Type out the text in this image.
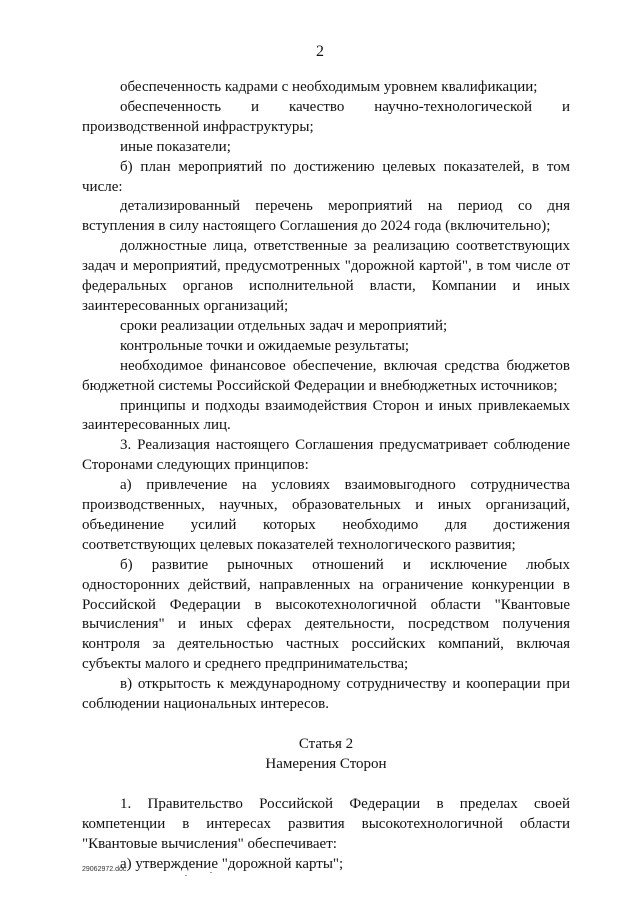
2

обеспеченность кадрами с необходимым уровнем квалификации;

обеспеченность и качество научно-технологической и производственной инфраструктуры;

иные показатели;

б) план мероприятий по достижению целевых показателей, в том числе:

детализированный перечень мероприятий на период со дня вступления в силу настоящего Соглашения до 2024 года (включительно);

должностные лица, ответственные за реализацию соответствующих задач и мероприятий, предусмотренных "дорожной картой", в том числе от федеральных органов исполнительной власти, Компании и иных заинтересованных организаций;

сроки реализации отдельных задач и мероприятий;

контрольные точки и ожидаемые результаты;

необходимое финансовое обеспечение, включая средства бюджетов бюджетной системы Российской Федерации и внебюджетных источников;

принципы и подходы взаимодействия Сторон и иных привлекаемых заинтересованных лиц.

3. Реализация настоящего Соглашения предусматривает соблюдение Сторонами следующих принципов:

а) привлечение на условиях взаимовыгодного сотрудничества производственных, научных, образовательных и иных организаций, объединение усилий которых необходимо для достижения соответствующих целевых показателей технологического развития;

б) развитие рыночных отношений и исключение любых односторонних действий, направленных на ограничение конкуренции в Российской Федерации в высокотехнологичной области "Квантовые вычисления" и иных сферах деятельности, посредством получения контроля за деятельностью частных российских компаний, включая субъекты малого и среднего предпринимательства;

в) открытость к международному сотрудничеству и кооперации при соблюдении национальных интересов.

Статья 2

Намерения Сторон

1. Правительство Российской Федерации в пределах своей компетенции в интересах развития высокотехнологичной области "Квантовые вычисления" обеспечивает:

а) утверждение "дорожной карты";

29062972.doc
